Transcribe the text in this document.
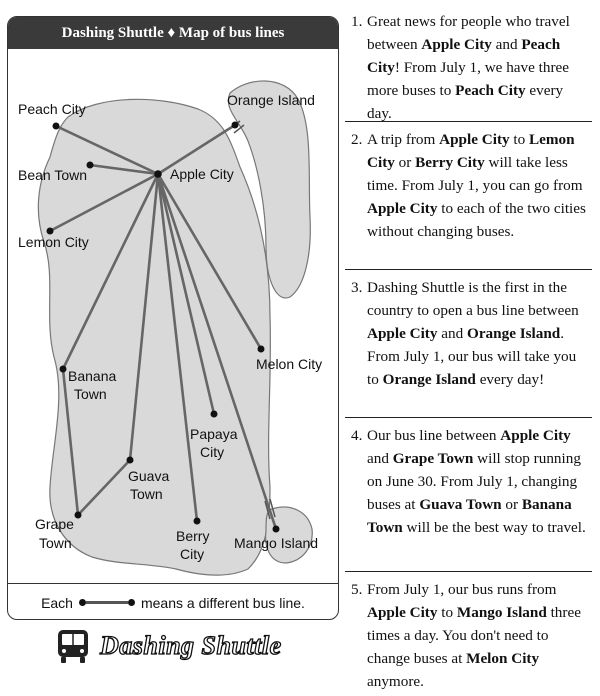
Peach City
Orange Island
Bean Town	Apple City
Lemon City
Banana
Town
Melon City
Papaya
City
Guava
Town
Grape
Town	Berry
City
Mango Island
Dashing Shuttle ♦ Map of bus lines
Each	means a different bus line.
Dashing Shuttle
1. Great news for people who travel between Apple City and Peach City! From July 1, we have three more buses to Peach City every day.
2. A trip from Apple City to Lemon City or Berry City will take less time. From July 1, you can go from Apple City to each of the two cities without changing buses.
3. Dashing Shuttle is the first in the country to open a bus line between Apple City and Orange Island. From July 1, our bus will take you to Orange Island every day!
4. Our bus line between Apple City and Grape Town will stop running on June 30. From July 1, changing buses at Guava Town or Banana Town will be the best way to travel.
5. From July 1, our bus runs from Apple City to Mango Island three times a day. You don't need to change buses at Melon City anymore.
